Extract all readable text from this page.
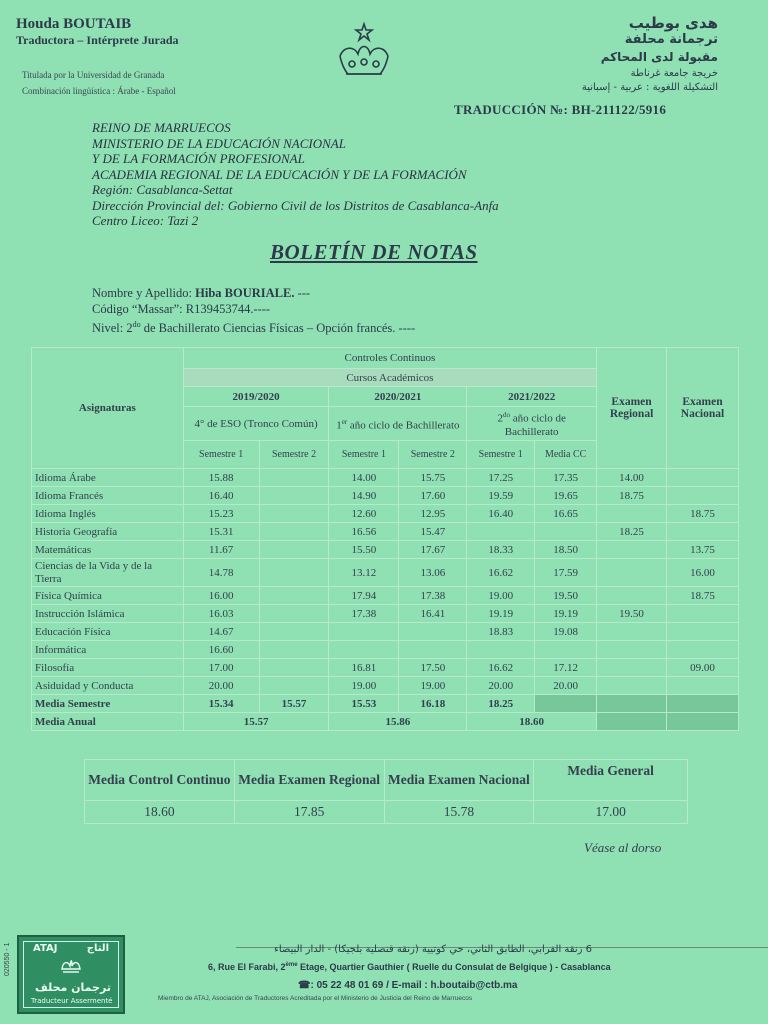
Houda BOUTAIB
Traductora – Intérprete Jurada
Titulada por la Universidad de Granada
Combinación lingüística : Árabe - Español
هدى بوطيب
ترجمانة محلفة
مقبولة لدى المحاكم
خريجة جامعة غرناطة
التشكيلة اللغوية : عربية - إسبانية
TRADUCCIÓN №: BH-211122/5916
REINO DE MARRUECOS
MINISTERIO DE LA EDUCACIÓN NACIONAL
Y DE LA FORMACIÓN PROFESIONAL
ACADEMIA REGIONAL DE LA EDUCACIÓN Y DE LA FORMACIÓN
Región: Casablanca-Settat
Dirección Provincial del: Gobierno Civil de los Distritos de Casablanca-Anfa
Centro Liceo: Tazi 2
BOLETÍN DE NOTAS
Nombre y Apellido: Hiba BOURIALE. ---
Código “Massar”: R139453744.----
Nivel: $2^{do}$ de Bachillerato Ciencias Físicas – Opción francés. ----
Asignaturas	Controles Continuos						Examen Regional	Examen Nacional
	Cursos Académicos							
	2019/2020		2020/2021		2021/2022			
	4° de ESO (Tronco Común)		1er año ciclo de Bachillerato		$2^{do}$ año ciclo de Bachillerato			
	Semestre 1	Semestre 2	Semestre 1	Semestre 2	Semestre 1	Media CC		
Idioma Árabe	15.88		14.00	15.75	17.25	17.35	14.00	
Idioma Francés	16.40		14.90	17.60	19.59	19.65	18.75	
Idioma Inglés	15.23		12.60	12.95	16.40	16.65		18.75
Historia Geografía	15.31		16.56	15.47			18.25	
Matemáticas	11.67		15.50	17.67	18.33	18.50		13.75
Ciencias de la Vida y de la Tierra	14.78		13.12	13.06	16.62	17.59		16.00
Física Química	16.00		17.94	17.38	19.00	19.50		18.75
Instrucción Islámica	16.03		17.38	16.41	19.19	19.19	19.50	
Educación Física	14.67				18.83	19.08		
Informática	16.60							
Filosofía	17.00		16.81	17.50	16.62	17.12		09.00
Asiduidad y Conducta	20.00		19.00	19.00	20.00	20.00		
Media Semestre	15.34	15.57	15.53	16.18	18.25			
Media Anual	15.57		15.86		18.60			
Media Control Continuo	Media Examen Regional	Media Examen Nacional	Media General
18.60	17.85	15.78	17.00
Véase al dorso
ATAJ	التاج
ترجمان محلف
Traducteur Assermenté
020550 - 1	6 زنقة الفرابي، الطابق الثاني، حي كوتيية (زنقة قنصلية بلجيكا) - الدار البيضاء
6, Rue El Farabi, 2ème Etage, Quartier Gauthier ( Ruelle du Consulat de Belgique ) - Casablanca
☎: 05 22 48 01 69 / E-mail : h.boutaib@ctb.ma
Miembro de ATAJ, Asociación de Traductores Acreditada por el Ministerio de Justicia del Reino de Marruecos
